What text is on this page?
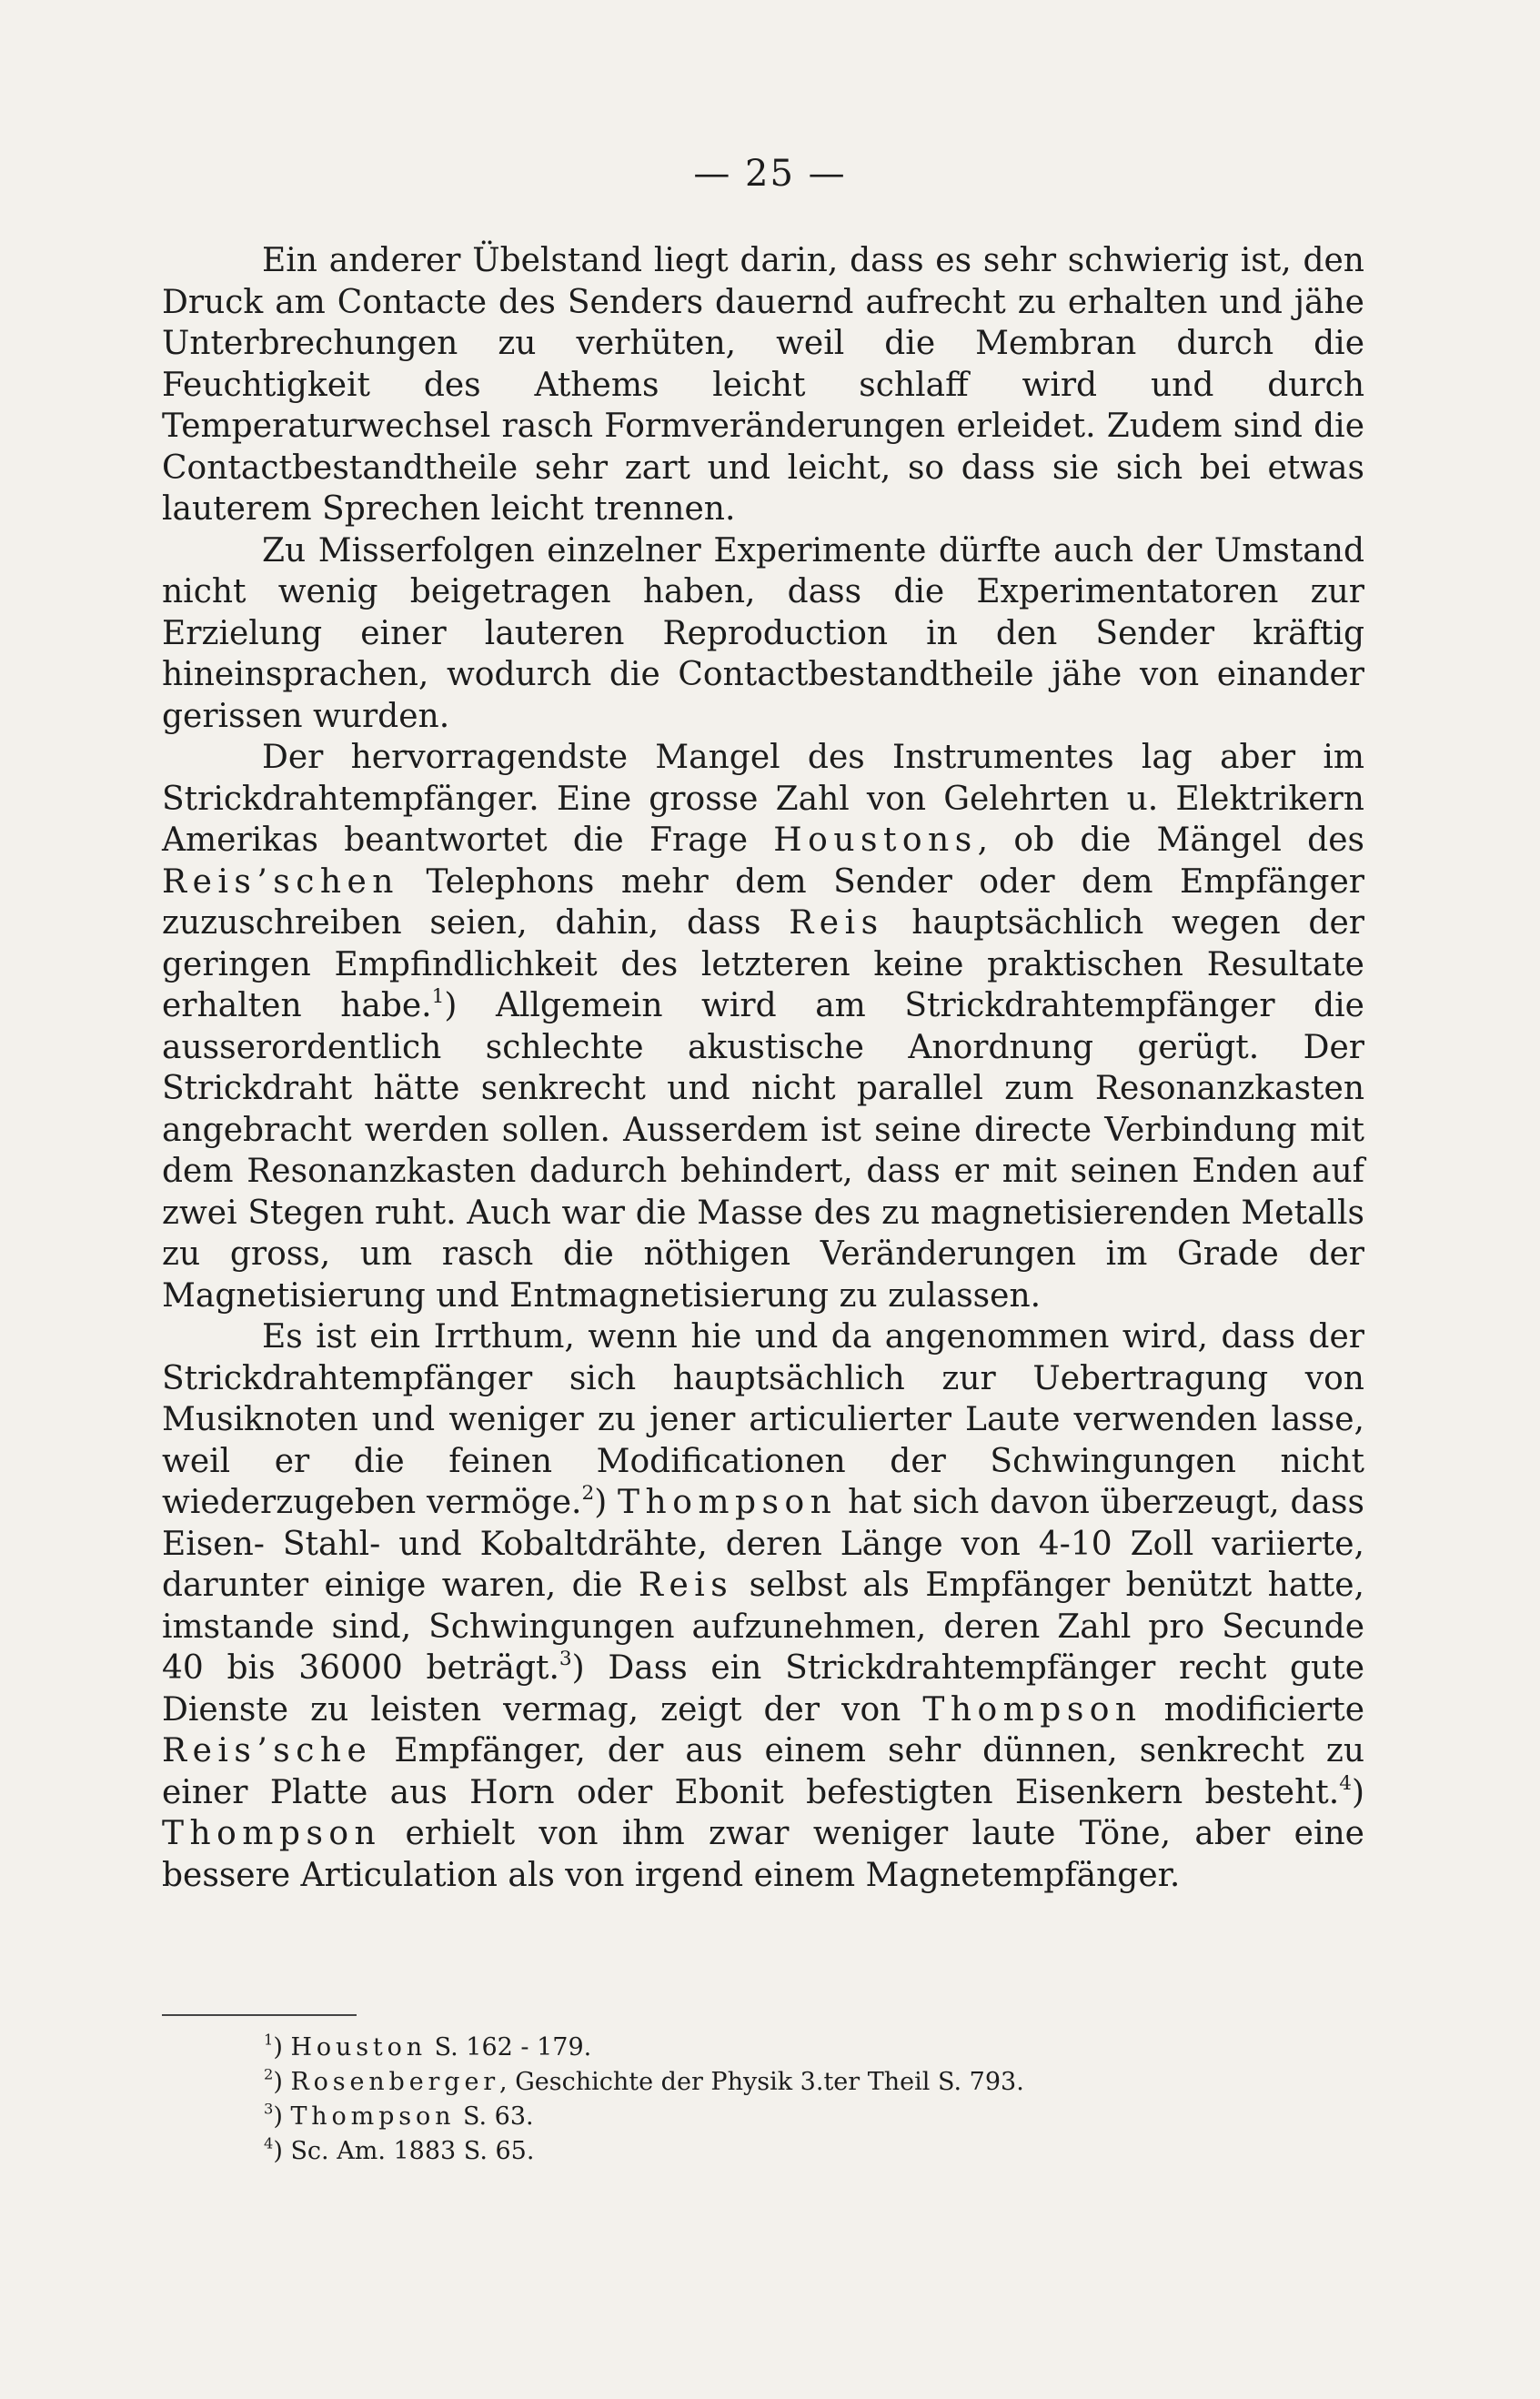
— 25 —

Ein anderer Übelstand liegt darin, dass es sehr schwierig ist, den Druck am Contacte des Senders dauernd aufrecht zu erhalten und jähe Unterbrechungen zu verhüten, weil die Membran durch die Feuchtigkeit des Athems leicht schlaff wird und durch Temperaturwechsel rasch Formveränderungen erleidet. Zudem sind die Contactbestandtheile sehr zart und leicht, so dass sie sich bei etwas lauterem Sprechen leicht trennen.

Zu Misserfolgen einzelner Experimente dürfte auch der Umstand nicht wenig beigetragen haben, dass die Experimentatoren zur Erzielung einer lauteren Reproduction in den Sender kräftig hineinsprachen, wodurch die Contactbestandtheile jähe von einander gerissen wurden.

Der hervorragendste Mangel des Instrumentes lag aber im Strickdrahtempfänger. Eine grosse Zahl von Gelehrten u. Elektrikern Amerikas beantwortet die Frage Houstons, ob die Mängel des Reis’schen Telephons mehr dem Sender oder dem Empfänger zuzuschreiben seien, dahin, dass Reis hauptsächlich wegen der geringen Empfindlichkeit des letzteren keine praktischen Resultate erhalten habe.$^1$) Allgemein wird am Strickdrahtempfänger die ausserordentlich schlechte akustische Anordnung gerügt. Der Strickdraht hätte senkrecht und nicht parallel zum Resonanzkasten angebracht werden sollen. Ausserdem ist seine directe Verbindung mit dem Resonanzkasten dadurch behindert, dass er mit seinen Enden auf zwei Stegen ruht. Auch war die Masse des zu magnetisierenden Metalls zu gross, um rasch die nöthigen Veränderungen im Grade der Magnetisierung und Entmagnetisierung zu zulassen.

Es ist ein Irrthum, wenn hie und da angenommen wird, dass der Strickdrahtempfänger sich hauptsächlich zur Uebertragung von Musiknoten und weniger zu jener articulierter Laute verwenden lasse, weil er die feinen Modificationen der Schwingungen nicht wiederzugeben vermöge.$^2$) Thompson hat sich davon überzeugt, dass Eisen- Stahl- und Kobaltdrähte, deren Länge von 4-10 Zoll variierte, darunter einige waren, die Reis selbst als Empfänger benützt hatte, imstande sind, Schwingungen aufzunehmen, deren Zahl pro Secunde 40 bis 36000 beträgt.$^3$) Dass ein Strickdrahtempfänger recht gute Dienste zu leisten vermag, zeigt der von Thompson modificierte Reis’sche Empfänger, der aus einem sehr dünnen, senkrecht zu einer Platte aus Horn oder Ebonit befestigten Eisenkern besteht.$^4$) Thompson erhielt von ihm zwar weniger laute Töne, aber eine bessere Articulation als von irgend einem Magnetempfänger.

$^1$) Houston S. 162 - 179.
$^2$) Rosenberger, Geschichte der Physik 3.ter Theil S. 793.
$^3$) Thompson S. 63.
$^4$) Sc. Am. 1883 S. 65.
